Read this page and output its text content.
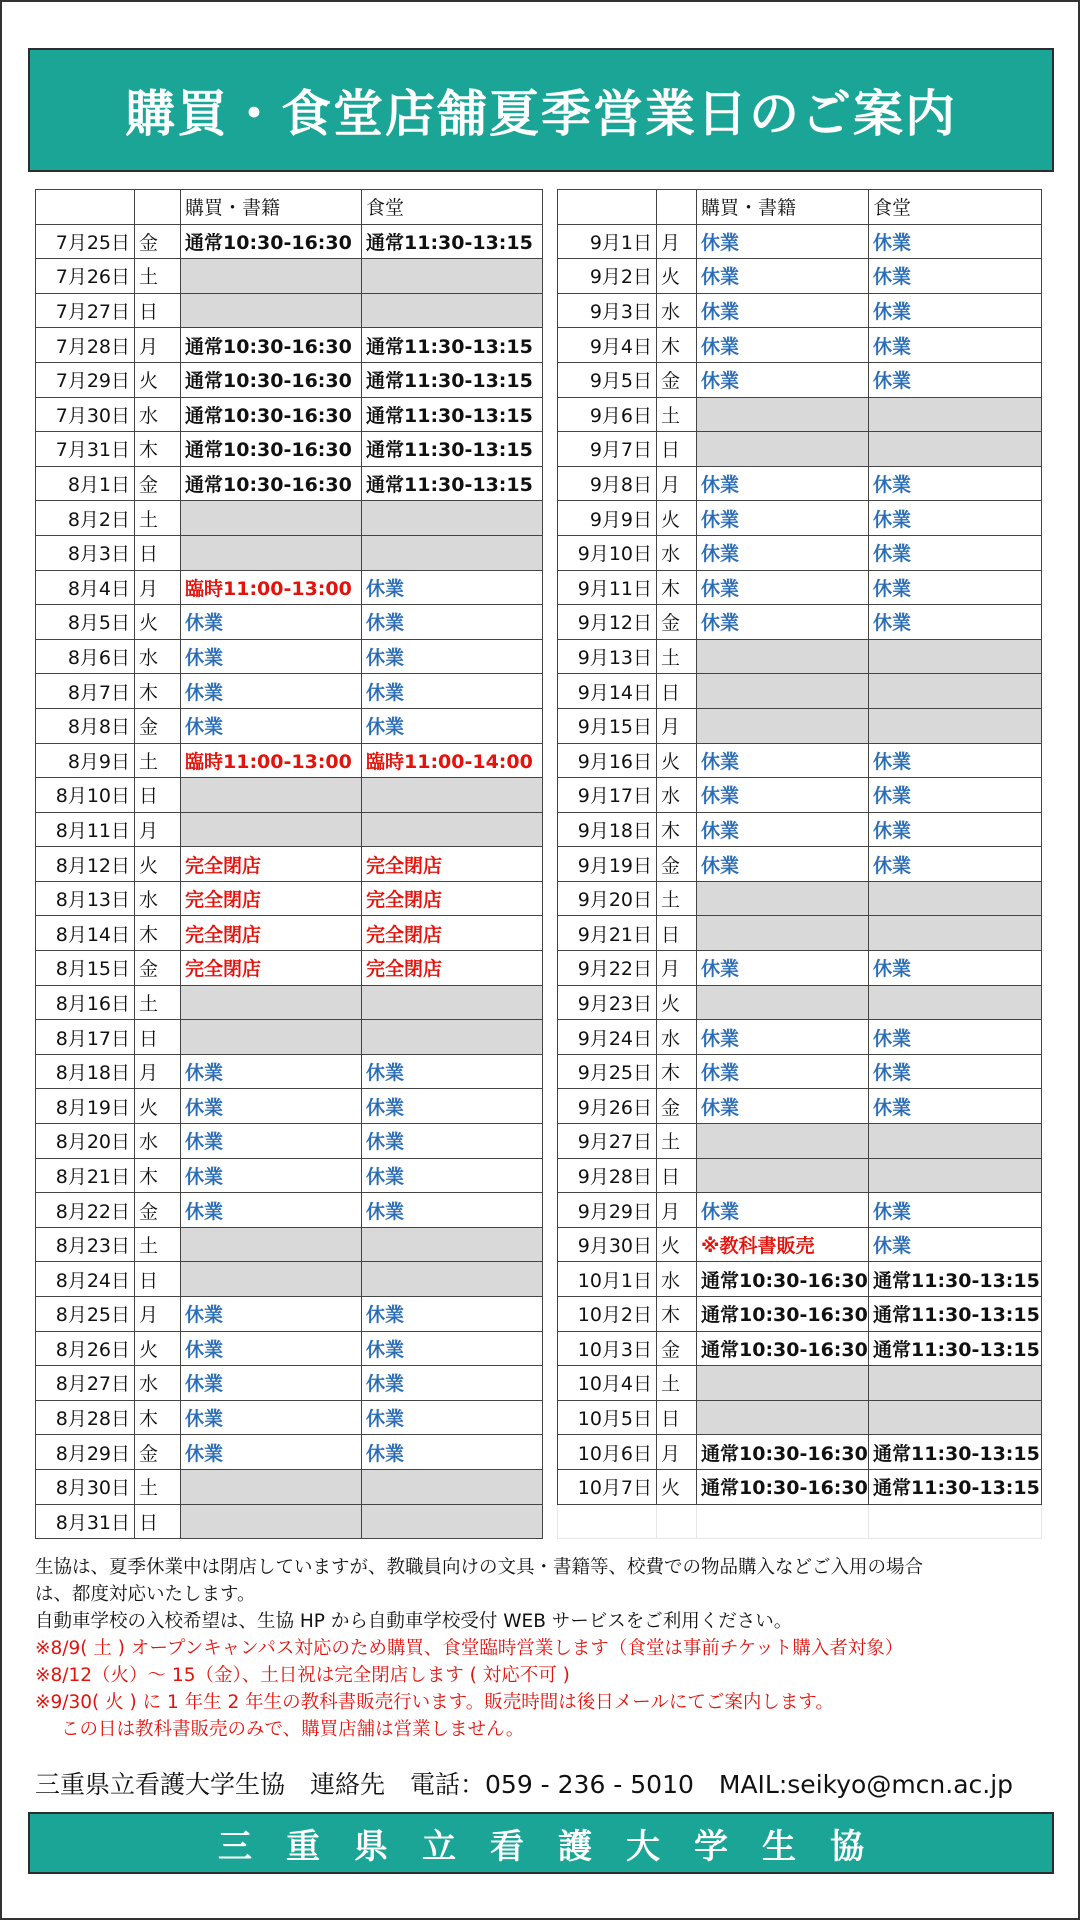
購買・食堂店舗夏季営業日のご案内
		購買・書籍	食堂
7月25日	金	通常10:30-16:30	通常11:30-13:15
7月26日	土		
7月27日	日		
7月28日	月	通常10:30-16:30	通常11:30-13:15
7月29日	火	通常10:30-16:30	通常11:30-13:15
7月30日	水	通常10:30-16:30	通常11:30-13:15
7月31日	木	通常10:30-16:30	通常11:30-13:15
8月1日	金	通常10:30-16:30	通常11:30-13:15
8月2日	土		
8月3日	日		
8月4日	月	臨時11:00-13:00	休業
8月5日	火	休業	休業
8月6日	水	休業	休業
8月7日	木	休業	休業
8月8日	金	休業	休業
8月9日	土	臨時11:00-13:00	臨時11:00-14:00
8月10日	日		
8月11日	月		
8月12日	火	完全閉店	完全閉店
8月13日	水	完全閉店	完全閉店
8月14日	木	完全閉店	完全閉店
8月15日	金	完全閉店	完全閉店
8月16日	土		
8月17日	日		
8月18日	月	休業	休業
8月19日	火	休業	休業
8月20日	水	休業	休業
8月21日	木	休業	休業
8月22日	金	休業	休業
8月23日	土		
8月24日	日		
8月25日	月	休業	休業
8月26日	火	休業	休業
8月27日	水	休業	休業
8月28日	木	休業	休業
8月29日	金	休業	休業
8月30日	土		
8月31日	日		
		購買・書籍	食堂
9月1日	月	休業	休業
9月2日	火	休業	休業
9月3日	水	休業	休業
9月4日	木	休業	休業
9月5日	金	休業	休業
9月6日	土		
9月7日	日		
9月8日	月	休業	休業
9月9日	火	休業	休業
9月10日	水	休業	休業
9月11日	木	休業	休業
9月12日	金	休業	休業
9月13日	土		
9月14日	日		
9月15日	月		
9月16日	火	休業	休業
9月17日	水	休業	休業
9月18日	木	休業	休業
9月19日	金	休業	休業
9月20日	土		
9月21日	日		
9月22日	月	休業	休業
9月23日	火		
9月24日	水	休業	休業
9月25日	木	休業	休業
9月26日	金	休業	休業
9月27日	土		
9月28日	日		
9月29日	月	休業	休業
9月30日	火	※教科書販売	休業
10月1日	水	通常10:30-16:30	通常11:30-13:15
10月2日	木	通常10:30-16:30	通常11:30-13:15
10月3日	金	通常10:30-16:30	通常11:30-13:15
10月4日	土		
10月5日	日		
10月6日	月	通常10:30-16:30	通常11:30-13:15
10月7日	火	通常10:30-16:30	通常11:30-13:15

生協は、夏季休業中は閉店していますが、教職員向けの文具・書籍等、校費での物品購入などご入用の場合

は、都度対応いたします。

自動車学校の入校希望は、生協 HP から自動車学校受付 WEB サービスをご利用ください。

※8/9( 土 ) オープンキャンパス対応のため購買、食堂臨時営業します（食堂は事前チケット購入者対象）

※8/12（火）～ 15（金）、土日祝は完全閉店します ( 対応不可 )

※9/30( 火 ) に 1 年生 2 年生の教科書販売行います。販売時間は後日メールにてご案内します。

この日は教科書販売のみで、購買店舗は営業しません。

三重県立看護大学生協　連絡先　電話：059 - 236 - 5010　MAIL:seikyo@mcn.ac.jp
三重県立看護大学生協
